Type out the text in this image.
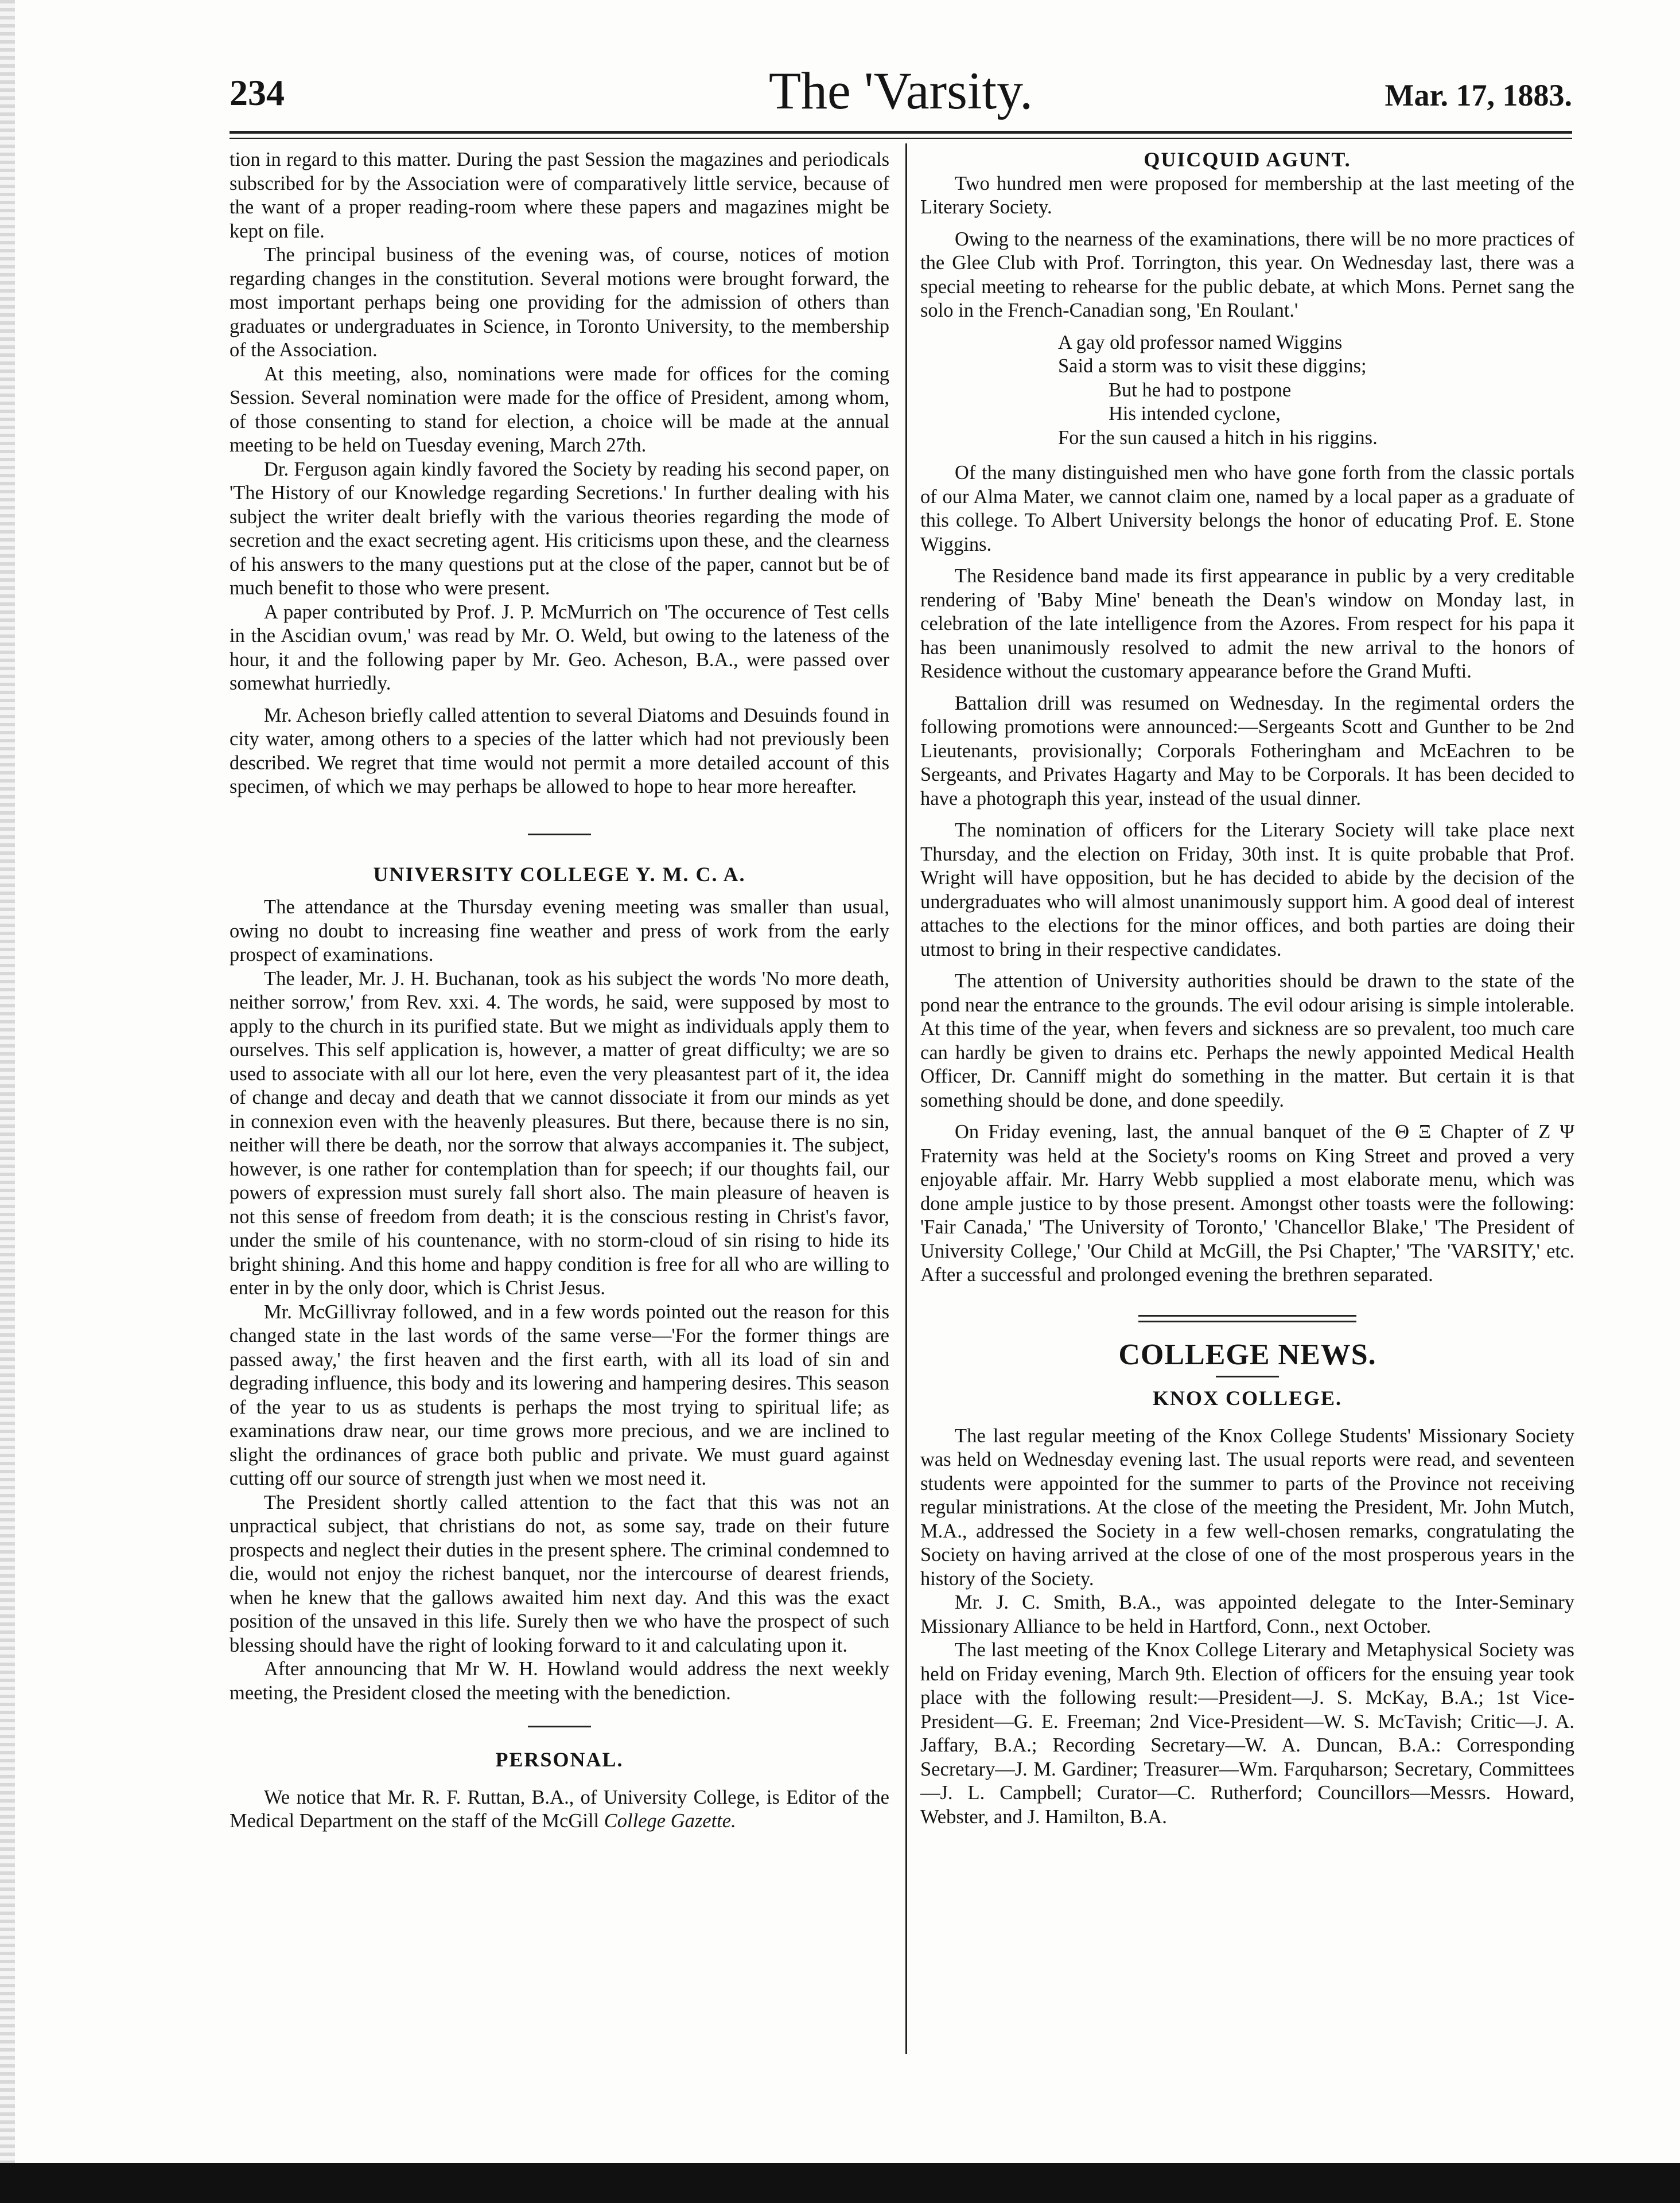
234	The 'Varsity.	Mar. 17, 1883.

tion in regard to this matter. During the past Session the magazines and periodicals subscribed for by the Association were of comparatively little service, because of the want of a proper reading-room where these papers and magazines might be kept on file.

The principal business of the evening was, of course, notices of motion regarding changes in the constitution. Several motions were brought forward, the most important perhaps being one providing for the admission of others than graduates or undergraduates in Science, in Toronto University, to the membership of the Association.

At this meeting, also, nominations were made for offices for the coming Session. Several nomination were made for the office of President, among whom, of those consenting to stand for election, a choice will be made at the annual meeting to be held on Tuesday evening, March 27th.

Dr. Ferguson again kindly favored the Society by reading his second paper, on 'The History of our Knowledge regarding Secretions.' In further dealing with his subject the writer dealt briefly with the various theories regarding the mode of secretion and the exact secreting agent. His criticisms upon these, and the clearness of his answers to the many questions put at the close of the paper, cannot but be of much benefit to those who were present.

A paper contributed by Prof. J. P. McMurrich on 'The occurence of Test cells in the Ascidian ovum,' was read by Mr. O. Weld, but owing to the lateness of the hour, it and the following paper by Mr. Geo. Acheson, B.A., were passed over somewhat hurriedly.

Mr. Acheson briefly called attention to several Diatoms and Desuinds found in city water, among others to a species of the latter which had not previously been described. We regret that time would not permit a more detailed account of this specimen, of which we may perhaps be allowed to hope to hear more hereafter.

UNIVERSITY COLLEGE Y. M. C. A.

The attendance at the Thursday evening meeting was smaller than usual, owing no doubt to increasing fine weather and press of work from the early prospect of examinations.

The leader, Mr. J. H. Buchanan, took as his subject the words 'No more death, neither sorrow,' from Rev. xxi. 4. The words, he said, were supposed by most to apply to the church in its purified state. But we might as individuals apply them to ourselves. This self application is, however, a matter of great difficulty; we are so used to associate with all our lot here, even the very pleasantest part of it, the idea of change and decay and death that we cannot dissociate it from our minds as yet in connexion even with the heavenly pleasures. But there, because there is no sin, neither will there be death, nor the sorrow that always accompanies it. The subject, however, is one rather for contemplation than for speech; if our thoughts fail, our powers of expression must surely fall short also. The main pleasure of heaven is not this sense of freedom from death; it is the conscious resting in Christ's favor, under the smile of his countenance, with no storm-cloud of sin rising to hide its bright shining. And this home and happy condition is free for all who are willing to enter in by the only door, which is Christ Jesus.

Mr. McGillivray followed, and in a few words pointed out the reason for this changed state in the last words of the same verse—'For the former things are passed away,' the first heaven and the first earth, with all its load of sin and degrading influence, this body and its lowering and hampering desires. This season of the year to us as students is perhaps the most trying to spiritual life; as examinations draw near, our time grows more precious, and we are inclined to slight the ordinances of grace both public and private. We must guard against cutting off our source of strength just when we most need it.

The President shortly called attention to the fact that this was not an unpractical subject, that christians do not, as some say, trade on their future prospects and neglect their duties in the present sphere. The criminal condemned to die, would not enjoy the richest banquet, nor the intercourse of dearest friends, when he knew that the gallows awaited him next day. And this was the exact position of the unsaved in this life. Surely then we who have the prospect of such blessing should have the right of looking forward to it and calculating upon it.

After announcing that Mr W. H. Howland would address the next weekly meeting, the President closed the meeting with the benediction.

PERSONAL.

We notice that Mr. R. F. Ruttan, B.A., of University College, is Editor of the Medical Department on the staff of the McGill College Gazette.

QUICQUID AGUNT.

Two hundred men were proposed for membership at the last meeting of the Literary Society.

Owing to the nearness of the examinations, there will be no more practices of the Glee Club with Prof. Torrington, this year. On Wednesday last, there was a special meeting to rehearse for the public debate, at which Mons. Pernet sang the solo in the French-Canadian song, 'En Roulant.'

A gay old professor named Wiggins
Said a storm was to visit these diggins;
But he had to postpone
His intended cyclone,
For the sun caused a hitch in his riggins.

Of the many distinguished men who have gone forth from the classic portals of our Alma Mater, we cannot claim one, named by a local paper as a graduate of this college. To Albert University belongs the honor of educating Prof. E. Stone Wiggins.

The Residence band made its first appearance in public by a very creditable rendering of 'Baby Mine' beneath the Dean's window on Monday last, in celebration of the late intelligence from the Azores. From respect for his papa it has been unanimously resolved to admit the new arrival to the honors of Residence without the customary appearance before the Grand Mufti.

Battalion drill was resumed on Wednesday. In the regimental orders the following promotions were announced:—Sergeants Scott and Gunther to be 2nd Lieutenants, provisionally; Corporals Fotheringham and McEachren to be Sergeants, and Privates Hagarty and May to be Corporals. It has been decided to have a photograph this year, instead of the usual dinner.

The nomination of officers for the Literary Society will take place next Thursday, and the election on Friday, 30th inst. It is quite probable that Prof. Wright will have opposition, but he has decided to abide by the decision of the undergraduates who will almost unanimously support him. A good deal of interest attaches to the elections for the minor offices, and both parties are doing their utmost to bring in their respective candidates.

The attention of University authorities should be drawn to the state of the pond near the entrance to the grounds. The evil odour arising is simple intolerable. At this time of the year, when fevers and sickness are so prevalent, too much care can hardly be given to drains etc. Perhaps the newly appointed Medical Health Officer, Dr. Canniff might do something in the matter. But certain it is that something should be done, and done speedily.

On Friday evening, last, the annual banquet of the Θ Ξ Chapter of Z Ψ Fraternity was held at the Society's rooms on King Street and proved a very enjoyable affair. Mr. Harry Webb supplied a most elaborate menu, which was done ample justice to by those present. Amongst other toasts were the following: 'Fair Canada,' 'The University of Toronto,' 'Chancellor Blake,' 'The President of University College,' 'Our Child at McGill, the Psi Chapter,' 'The 'VARSITY,' etc. After a successful and prolonged evening the brethren separated.

COLLEGE NEWS.
KNOX COLLEGE.

The last regular meeting of the Knox College Students' Missionary Society was held on Wednesday evening last. The usual reports were read, and seventeen students were appointed for the summer to parts of the Province not receiving regular ministrations. At the close of the meeting the President, Mr. John Mutch, M.A., addressed the Society in a few well-chosen remarks, congratulating the Society on having arrived at the close of one of the most prosperous years in the history of the Society.

Mr. J. C. Smith, B.A., was appointed delegate to the Inter-Seminary Missionary Alliance to be held in Hartford, Conn., next October.

The last meeting of the Knox College Literary and Metaphysical Society was held on Friday evening, March 9th. Election of officers for the ensuing year took place with the following result:—President—J. S. McKay, B.A.; 1st Vice-President—G. E. Freeman; 2nd Vice-President—W. S. McTavish; Critic—J. A. Jaffary, B.A.; Recording Secretary—W. A. Duncan, B.A.: Corresponding Secretary—J. M. Gardiner; Treasurer—Wm. Farquharson; Secretary, Committees—J. L. Campbell; Curator—C. Rutherford; Councillors—Messrs. Howard, Webster, and J. Hamilton, B.A.
